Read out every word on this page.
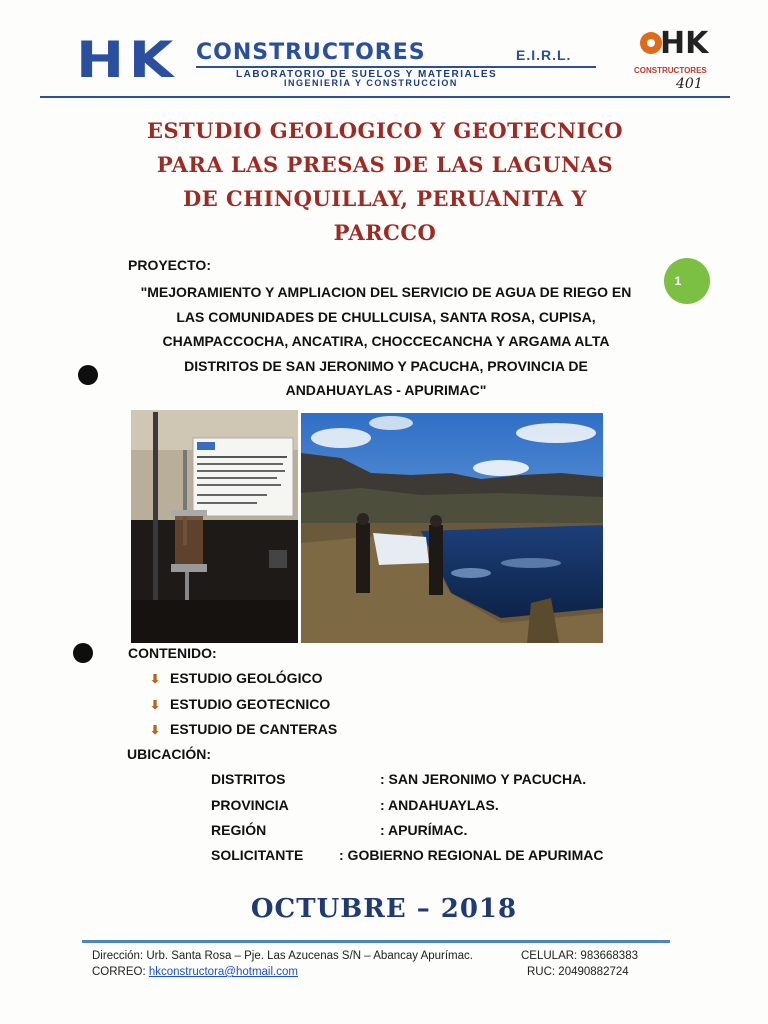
HK CONSTRUCTORES	E.I.R.L.
LABORATORIO DE SUELOS Y MATERIALES
INGENIERIA Y CONSTRUCCION
HK
CONSTRUCTORES
401
ESTUDIO GEOLOGICO Y GEOTECNICO
PARA LAS PRESAS DE LAS LAGUNAS
DE CHINQUILLAY, PERUANITA Y
PARCCO
PROYECTO:
"MEJORAMIENTO Y AMPLIACION DEL SERVICIO DE AGUA DE RIEGO EN
LAS COMUNIDADES DE CHULLCUISA, SANTA ROSA, CUPISA,
CHAMPACCOCHA, ANCATIRA, CHOCCECANCHA Y ARGAMA ALTA
DISTRITOS DE SAN JERONIMO Y PACUCHA, PROVINCIA DE
ANDAHUAYLAS - APURIMAC"
1
CONTENIDO:
⬇ ESTUDIO GEOLÓGICO
⬇ ESTUDIO GEOTECNICO
⬇ ESTUDIO DE CANTERAS
UBICACIÓN:
DISTRITOS	: SAN JERONIMO Y PACUCHA.
PROVINCIA	: ANDAHUAYLAS.
REGIÓN	: APURÍMAC.
SOLICITANTE	: GOBIERNO REGIONAL DE APURIMAC
OCTUBRE – 2018
Dirección: Urb. Santa Rosa – Pje. Las Azucenas S/N – Abancay Apurímac.
CORREO: hkconstructora@hotmail.com
CELULAR: 983668383
RUC: 20490882724
